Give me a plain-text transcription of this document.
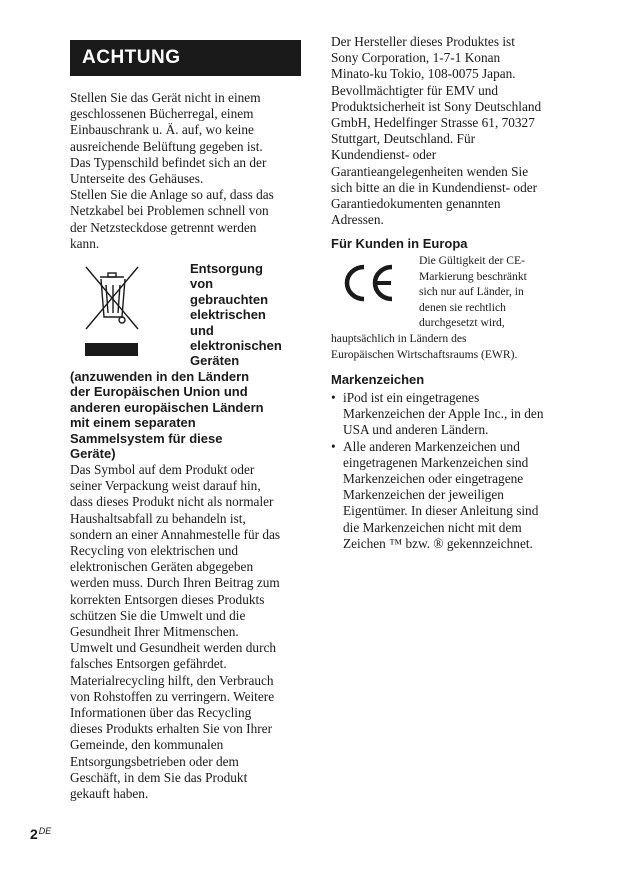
ACHTUNG

Stellen Sie das Gerät nicht in einem
geschlossenen Bücherregal, einem
Einbauschrank u. Ä. auf, wo keine
ausreichende Belüftung gegeben ist.
Das Typenschild befindet sich an der
Unterseite des Gehäuses.
Stellen Sie die Anlage so auf, dass das
Netzkabel bei Problemen schnell von
der Netzsteckdose getrennt werden
kann.

Entsorgung
von
gebrauchten
elektrischen
und
elektronischen
Geräten

(anzuwenden in den Ländern
der Europäischen Union und
anderen europäischen Ländern
mit einem separaten
Sammelsystem für diese
Geräte)

Das Symbol auf dem Produkt oder
seiner Verpackung weist darauf hin,
dass dieses Produkt nicht als normaler
Haushaltsabfall zu behandeln ist,
sondern an einer Annahmestelle für das
Recycling von elektrischen und
elektronischen Geräten abgegeben
werden muss. Durch Ihren Beitrag zum
korrekten Entsorgen dieses Produkts
schützen Sie die Umwelt und die
Gesundheit Ihrer Mitmenschen.
Umwelt und Gesundheit werden durch
falsches Entsorgen gefährdet.
Materialrecycling hilft, den Verbrauch
von Rohstoffen zu verringern. Weitere
Informationen über das Recycling
dieses Produkts erhalten Sie von Ihrer
Gemeinde, den kommunalen
Entsorgungsbetrieben oder dem
Geschäft, in dem Sie das Produkt
gekauft haben.

Der Hersteller dieses Produktes ist
Sony Corporation, 1-7-1 Konan
Minato-ku Tokio, 108-0075 Japan.
Bevollmächtigter für EMV und
Produktsicherheit ist Sony Deutschland
GmbH, Hedelfinger Strasse 61, 70327
Stuttgart, Deutschland. Für
Kundendienst- oder
Garantieangelegenheiten wenden Sie
sich bitte an die in Kundendienst- oder
Garantiedokumenten genannten
Adressen.

Für Kunden in Europa

Die Gültigkeit der CE-
Markierung beschränkt
sich nur auf Länder, in
denen sie rechtlich
durchgesetzt wird,

hauptsächlich in Ländern des
Europäischen Wirtschaftsraums (EWR).

Markenzeichen

• iPod ist ein eingetragenes
Markenzeichen der Apple Inc., in den
USA und anderen Ländern.
• Alle anderen Markenzeichen und
eingetragenen Markenzeichen sind
Markenzeichen oder eingetragene
Markenzeichen der jeweiligen
Eigentümer. In dieser Anleitung sind
die Markenzeichen nicht mit dem
Zeichen ™ bzw. ® gekennzeichnet.
2DE
